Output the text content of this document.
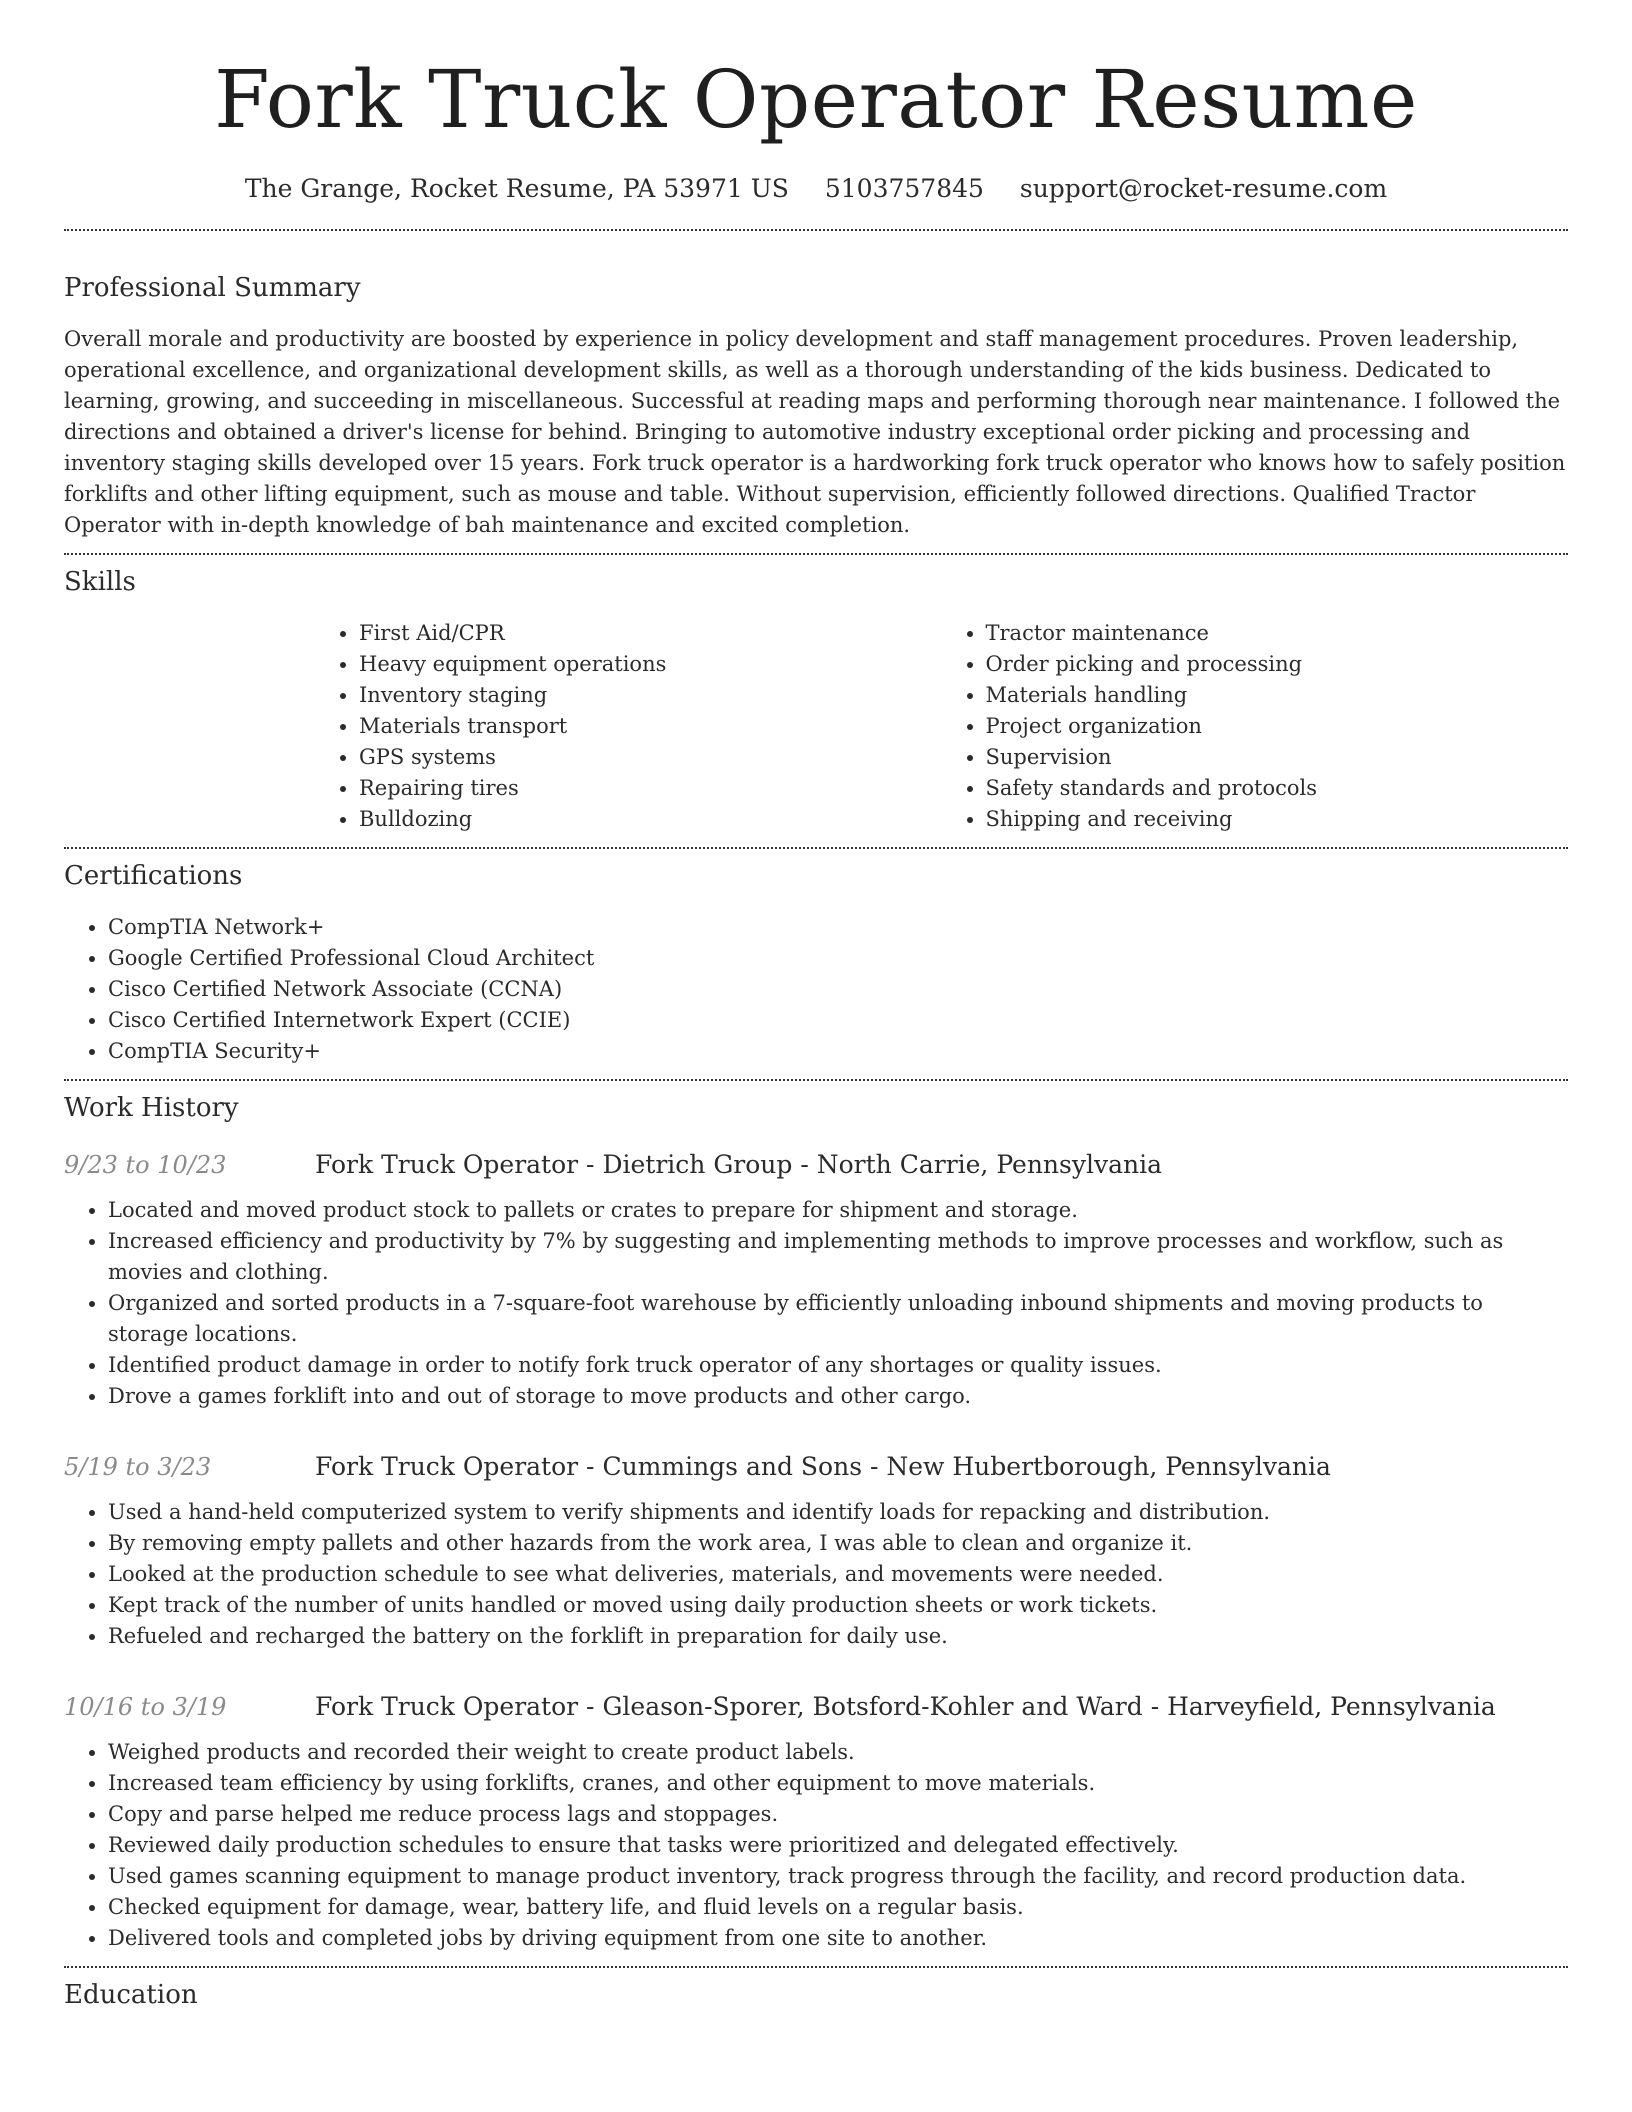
Fork Truck Operator Resume
The Grange, Rocket Resume, PA 53971 US 5103757845 support@rocket-resume.com
Professional Summary

Overall morale and productivity are boosted by experience in policy development and staff management procedures. Proven leadership, operational excellence, and organizational development skills, as well as a thorough understanding of the kids business. Dedicated to learning, growing, and succeeding in miscellaneous. Successful at reading maps and performing thorough near maintenance. I followed the directions and obtained a driver's license for behind. Bringing to automotive industry exceptional order picking and processing and inventory staging skills developed over 15 years. Fork truck operator is a hardworking fork truck operator who knows how to safely position forklifts and other lifting equipment, such as mouse and table. Without supervision, efficiently followed directions. Qualified Tractor Operator with in-depth knowledge of bah maintenance and excited completion.

Skills
• First Aid/CPR
• Heavy equipment operations
• Inventory staging
• Materials transport
• GPS systems
• Repairing tires
• Bulldozing
• Tractor maintenance
• Order picking and processing
• Materials handling
• Project organization
• Supervision
• Safety standards and protocols
• Shipping and receiving
Certifications
• CompTIA Network+
• Google Certified Professional Cloud Architect
• Cisco Certified Network Associate (CCNA)
• Cisco Certified Internetwork Expert (CCIE)
• CompTIA Security+
Work History
9/23 to 10/23	Fork Truck Operator - Dietrich Group - North Carrie, Pennsylvania
• Located and moved product stock to pallets or crates to prepare for shipment and storage.
• Increased efficiency and productivity by 7% by suggesting and implementing methods to improve processes and workflow, such as movies and clothing.
• Organized and sorted products in a 7-square-foot warehouse by efficiently unloading inbound shipments and moving products to storage locations.
• Identified product damage in order to notify fork truck operator of any shortages or quality issues.
• Drove a games forklift into and out of storage to move products and other cargo.
5/19 to 3/23	Fork Truck Operator - Cummings and Sons - New Hubertborough, Pennsylvania
• Used a hand-held computerized system to verify shipments and identify loads for repacking and distribution.
• By removing empty pallets and other hazards from the work area, I was able to clean and organize it.
• Looked at the production schedule to see what deliveries, materials, and movements were needed.
• Kept track of the number of units handled or moved using daily production sheets or work tickets.
• Refueled and recharged the battery on the forklift in preparation for daily use.
10/16 to 3/19	Fork Truck Operator - Gleason-Sporer, Botsford-Kohler and Ward - Harveyfield, Pennsylvania
• Weighed products and recorded their weight to create product labels.
• Increased team efficiency by using forklifts, cranes, and other equipment to move materials.
• Copy and parse helped me reduce process lags and stoppages.
• Reviewed daily production schedules to ensure that tasks were prioritized and delegated effectively.
• Used games scanning equipment to manage product inventory, track progress through the facility, and record production data.
• Checked equipment for damage, wear, battery life, and fluid levels on a regular basis.
• Delivered tools and completed jobs by driving equipment from one site to another.
Education
